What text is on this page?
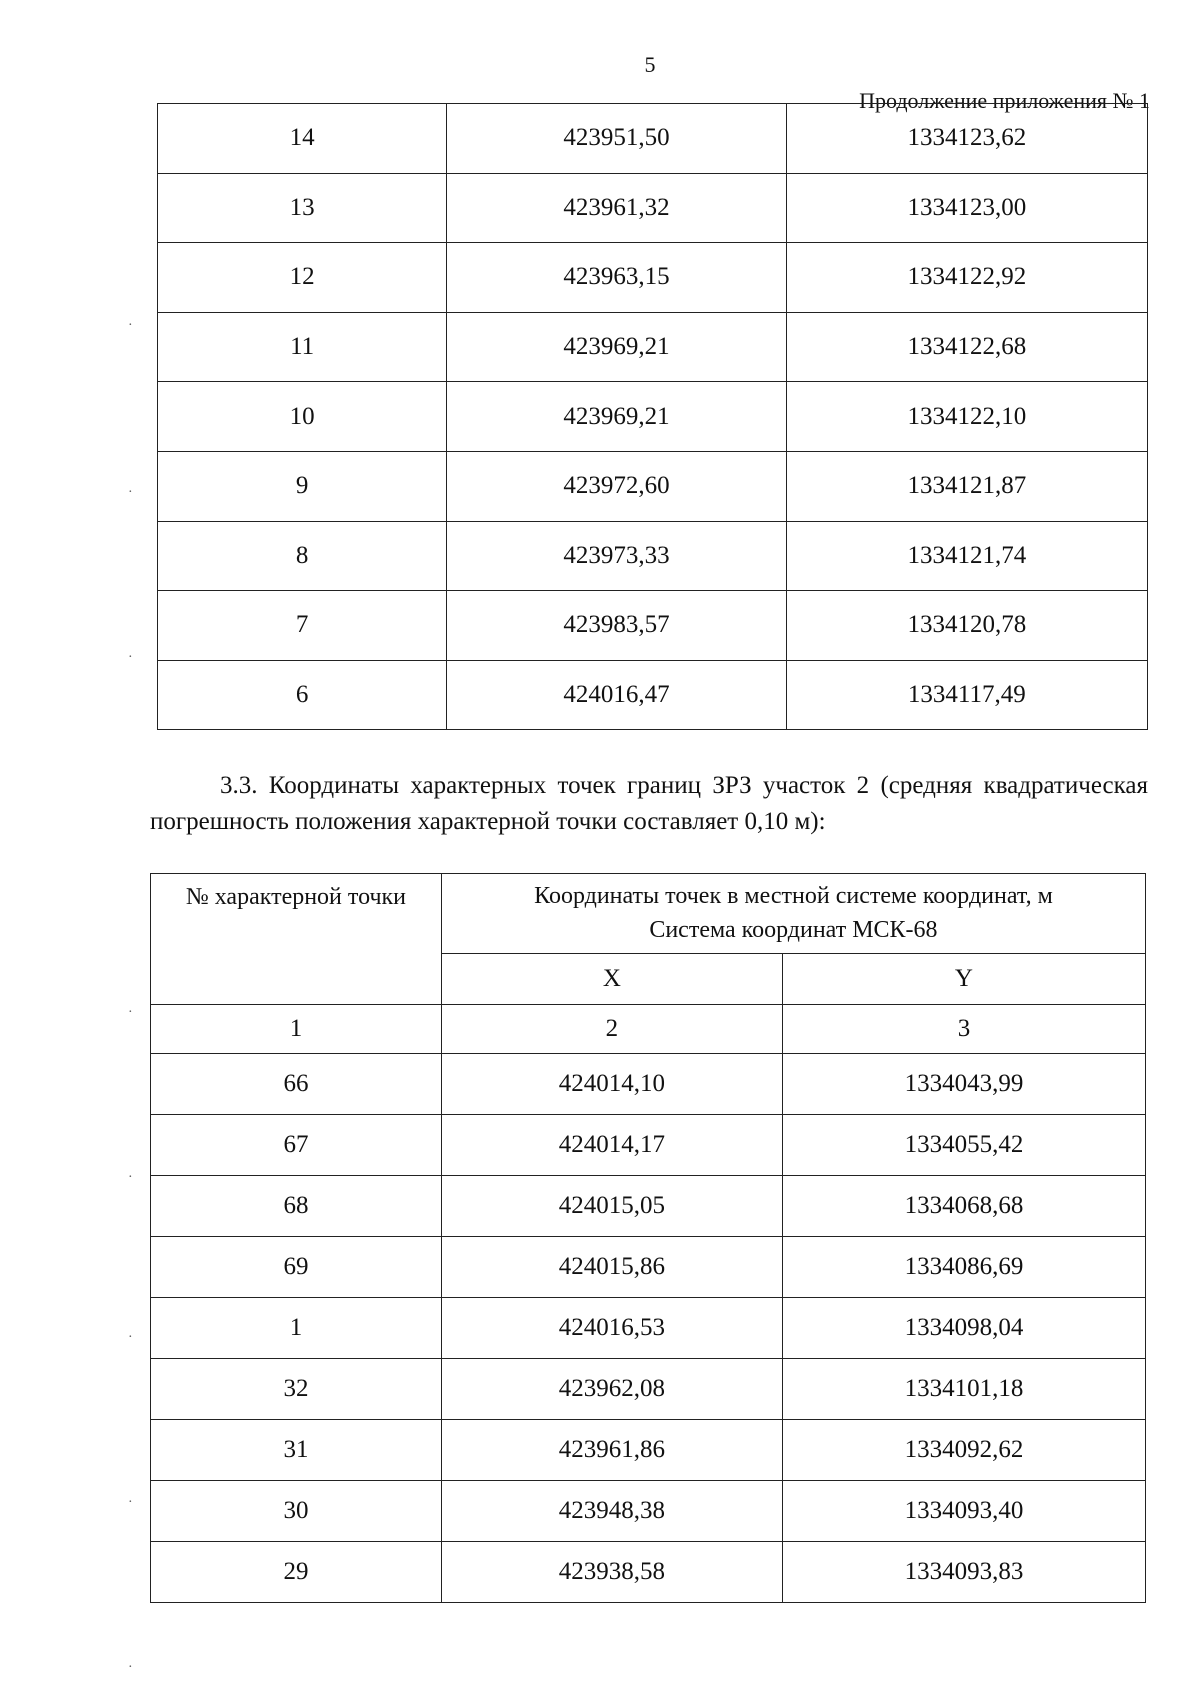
5
Продолжение приложения № 1
14	423951,50	1334123,62
13	423961,32	1334123,00
12	423963,15	1334122,92
11	423969,21	1334122,68
10	423969,21	1334122,10
9	423972,60	1334121,87
8	423973,33	1334121,74
7	423983,57	1334120,78
6	424016,47	1334117,49
3.3. Координаты характерных точек границ ЗРЗ участок 2 (средняя квадратическая погрешность положения характерной точки составляет 0,10 м):
№ характерной точки	Координаты точек в местной системе координат, м
Система координат МСК-68	

	X	Y
1	2	3
66	424014,10	1334043,99
67	424014,17	1334055,42
68	424015,05	1334068,68
69	424015,86	1334086,69
1	424016,53	1334098,04
32	423962,08	1334101,18
31	423961,86	1334092,62
30	423948,38	1334093,40
29	423938,58	1334093,83
·
·
·
·
·
·
·
·
